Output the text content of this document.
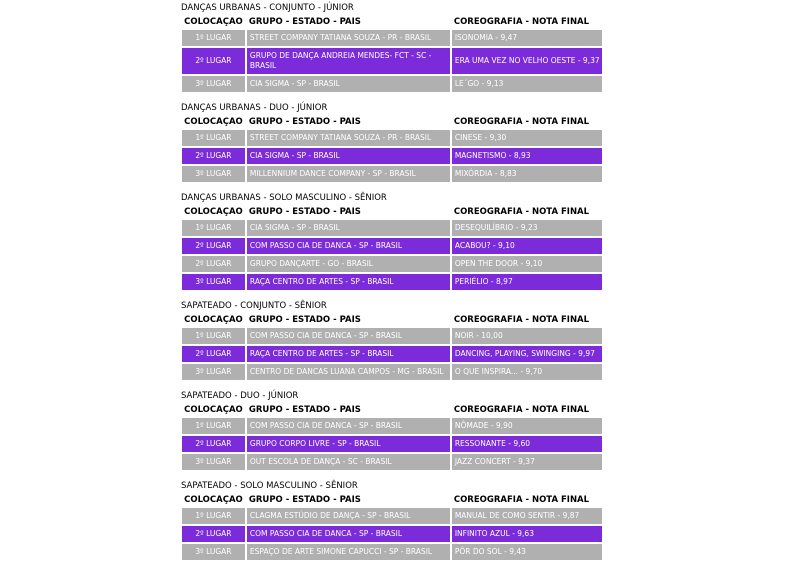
DANÇAS URBANAS - CONJUNTO - JÚNIOR
COLOCAÇÃO	GRUPO - ESTADO - PAÍS	COREOGRAFIA - NOTA FINAL
1º LUGAR	STREET COMPANY TATIANA SOUZA - PR - BRASIL	ISONOMIA - 9,47
2º LUGAR	GRUPO DE DANÇA ANDREIA MENDES- FCT - SC - BRASIL	ERA UMA VEZ NO VELHO OESTE - 9,37
3º LUGAR	CIA SIGMA - SP - BRASIL	LE´GO - 9,13
DANÇAS URBANAS - DUO - JÚNIOR
COLOCAÇÃO	GRUPO - ESTADO - PAÍS	COREOGRAFIA - NOTA FINAL
1º LUGAR	STREET COMPANY TATIANA SOUZA - PR - BRASIL	CINESE - 9,30
2º LUGAR	CIA SIGMA - SP - BRASIL	MAGNETISMO - 8,93
3º LUGAR	MILLENNIUM DANCE COMPANY - SP - BRASIL	MIXÓRDIA - 8,83
DANÇAS URBANAS - SOLO MASCULINO - SÊNIOR
COLOCAÇÃO	GRUPO - ESTADO - PAÍS	COREOGRAFIA - NOTA FINAL
1º LUGAR	CIA SIGMA - SP - BRASIL	DESEQUILÍBRIO - 9,23
2º LUGAR	COM PASSO CIA DE DANCA - SP - BRASIL	ACABOU? - 9,10
2º LUGAR	GRUPO DANÇARTE - GO - BRASIL	OPEN THE DOOR - 9,10
3º LUGAR	RAÇA CENTRO DE ARTES - SP - BRASIL	PERIÉLIO - 8,97
SAPATEADO - CONJUNTO - SÊNIOR
COLOCAÇÃO	GRUPO - ESTADO - PAÍS	COREOGRAFIA - NOTA FINAL
1º LUGAR	COM PASSO CIA DE DANCA - SP - BRASIL	NOIR - 10,00
2º LUGAR	RAÇA CENTRO DE ARTES - SP - BRASIL	DANCING, PLAYING, SWINGING - 9,97
3º LUGAR	CENTRO DE DANCAS LUANA CAMPOS - MG - BRASIL	O QUE INSPIRA... - 9,70
SAPATEADO - DUO - JÚNIOR
COLOCAÇÃO	GRUPO - ESTADO - PAÍS	COREOGRAFIA - NOTA FINAL
1º LUGAR	COM PASSO CIA DE DANCA - SP - BRASIL	NÔMADE - 9,90
2º LUGAR	GRUPO CORPO LIVRE - SP - BRASIL	RESSONANTE - 9,60
3º LUGAR	OUT ESCOLA DE DANÇA - SC - BRASIL	JAZZ CONCERT - 9,37
SAPATEADO - SOLO MASCULINO - SÊNIOR
COLOCAÇÃO	GRUPO - ESTADO - PAÍS	COREOGRAFIA - NOTA FINAL
1º LUGAR	CLAGMA ESTÚDIO DE DANÇA - SP - BRASIL	MANUAL DE COMO SENTIR - 9,87
2º LUGAR	COM PASSO CIA DE DANCA - SP - BRASIL	INFINITO AZUL - 9,63
3º LUGAR	ESPAÇO DE ARTE SIMONE CAPUCCI - SP - BRASIL	PÔR DO SOL - 9,43
